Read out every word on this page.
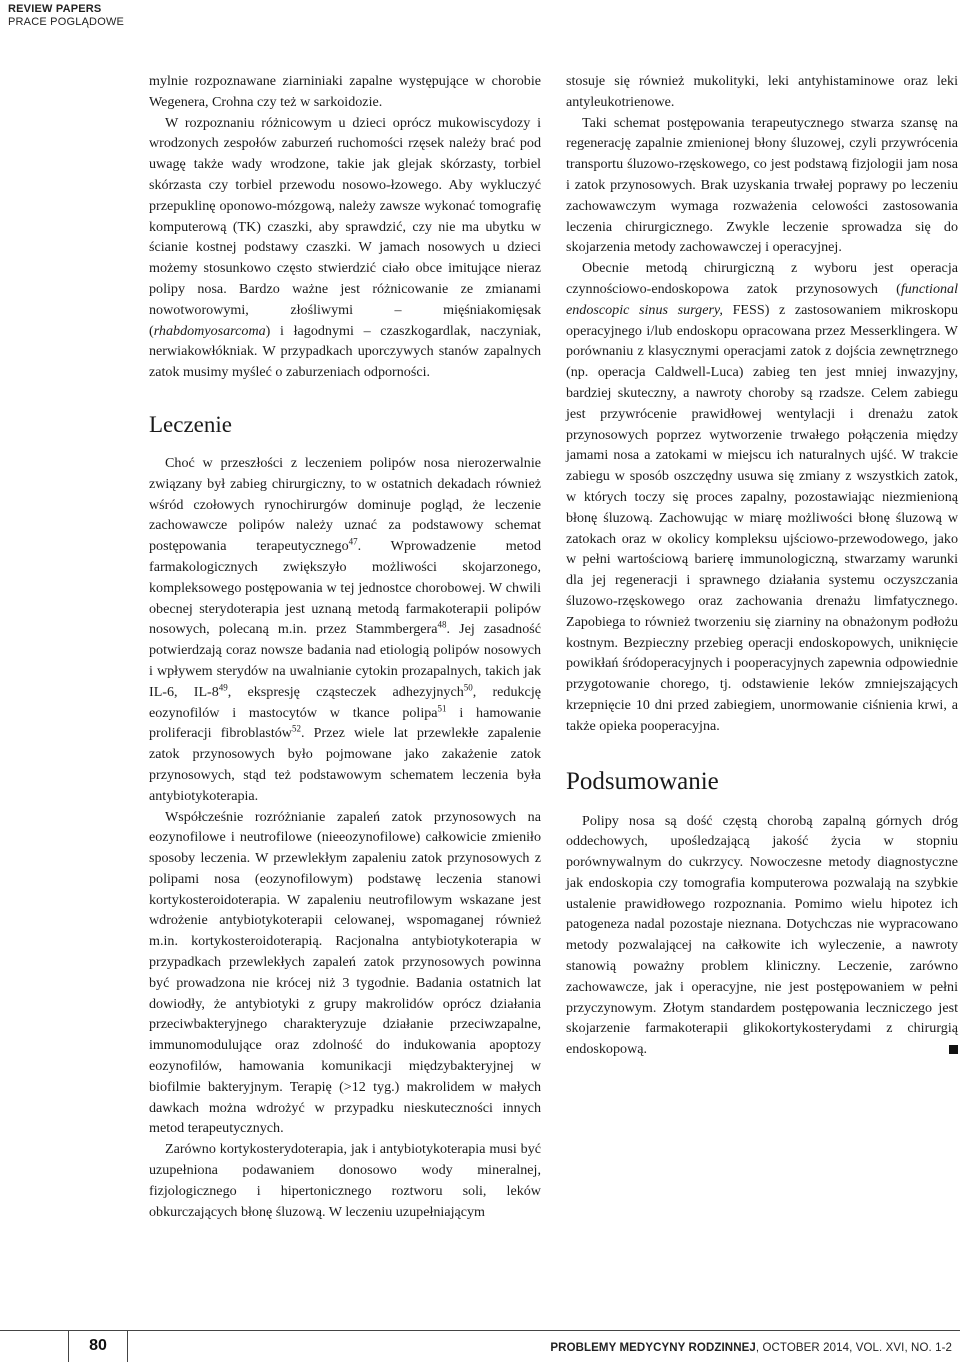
REVIEW PAPERS
PRACE POGLĄDOWE

mylnie rozpoznawane ziarniniaki zapalne występujące w chorobie Wegenera, Crohna czy też w sarkoidozie.

W rozpoznaniu różnicowym u dzieci oprócz mukowiscydozy i wrodzonych zespołów zaburzeń ruchomości rzęsek należy brać pod uwagę także wady wrodzone, takie jak glejak skórzasty, torbiel skórzasta czy torbiel przewodu nosowo-łzowego. Aby wykluczyć przepuklinę oponowo-mózgową, należy zawsze wykonać tomografię komputerową (TK) czaszki, aby sprawdzić, czy nie ma ubytku w ścianie kostnej podstawy czaszki. W jamach nosowych u dzieci możemy stosunkowo często stwierdzić ciało obce imitujące nieraz polipy nosa. Bardzo ważne jest różnicowanie ze zmianami nowotworowymi, złośliwymi – mięśniakomięsak (rhabdomyosarcoma) i łagodnymi – czaszkogardlak, naczyniak, nerwiakowłókniak. W przypadkach uporczywych stanów zapalnych zatok musimy myśleć o zaburzeniach odporności.

Leczenie

Choć w przeszłości z leczeniem polipów nosa nierozerwalnie związany był zabieg chirurgiczny, to w ostatnich dekadach również wśród czołowych rynochirurgów dominuje pogląd, że leczenie zachowawcze polipów należy uznać za podstawowy schemat postępowania terapeutycznego$^{47}$. Wprowadzenie metod farmakologicznych zwiększyło możliwości skojarzonego, kompleksowego postępowania w tej jednostce chorobowej. W chwili obecnej sterydoterapia jest uznaną metodą farmakoterapii polipów nosowych, polecaną m.in. przez Stammbergera$^{48}$. Jej zasadność potwierdzają coraz nowsze badania nad etiologią polipów nosowych i wpływem sterydów na uwalnianie cytokin prozapalnych, takich jak IL-6, $IL-8^{49}$, ekspresję cząsteczek adhezyjnych$^{50}$, redukcję eozynofilów i mastocytów w tkance polipa$^{51}$ i hamowanie proliferacji fibroblastów$^{52}$. Przez wiele lat przewlekłe zapalenie zatok przynosowych było pojmowane jako zakażenie zatok przynosowych, stąd też podstawowym schematem leczenia była antybiotykoterapia.

Współcześnie rozróżnianie zapaleń zatok przynosowych na eozynofilowe i neutrofilowe (nieeozynofilowe) całkowicie zmieniło sposoby leczenia. W przewlekłym zapaleniu zatok przynosowych z polipami nosa (eozynofilowym) podstawę leczenia stanowi kortykosteroidoterapia. W zapaleniu neutrofilowym wskazane jest wdrożenie antybiotykoterapii celowanej, wspomaganej również m.in. kortykosteroidoterapią. Racjonalna antybiotykoterapia w przypadkach przewlekłych zapaleń zatok przynosowych powinna być prowadzona nie krócej niż 3 tygodnie. Badania ostatnich lat dowiodły, że antybiotyki z grupy makrolidów oprócz działania przeciwbakteryjnego charakteryzuje działanie przeciwzapalne, immunomodulujące oraz zdolność do indukowania apoptozy eozynofilów, hamowania komunikacji międzybakteryjnej w biofilmie bakteryjnym. Terapię (>12 tyg.) makrolidem w małych dawkach można wdrożyć w przypadku nieskuteczności innych metod terapeutycznych.

Zarówno kortykosterydoterapia, jak i antybiotykoterapia musi być uzupełniona podawaniem donosowo wody mineralnej, fizjologicznego i hipertonicznego roztworu soli, leków obkurczających błonę śluzową. W leczeniu uzupełniającym

stosuje się również mukolityki, leki antyhistaminowe oraz leki antyleukotrienowe.

Taki schemat postępowania terapeutycznego stwarza szansę na regenerację zapalnie zmienionej błony śluzowej, czyli przywrócenia transportu śluzowo-rzęskowego, co jest podstawą fizjologii jam nosa i zatok przynosowych. Brak uzyskania trwałej poprawy po leczeniu zachowawczym wymaga rozważenia celowości zastosowania leczenia chirurgicznego. Zwykle leczenie sprowadza się do skojarzenia metody zachowawczej i operacyjnej.

Obecnie metodą chirurgiczną z wyboru jest operacja czynnościowo-endoskopowa zatok przynosowych (functional endoscopic sinus surgery, FESS) z zastosowaniem mikroskopu operacyjnego i/lub endoskopu opracowana przez Messerklingera. W porównaniu z klasycznymi operacjami zatok z dojścia zewnętrznego (np. operacja Caldwell-Luca) zabieg ten jest mniej inwazyjny, bardziej skuteczny, a nawroty choroby są rzadsze. Celem zabiegu jest przywrócenie prawidłowej wentylacji i drenażu zatok przynosowych poprzez wytworzenie trwałego połączenia między jamami nosa a zatokami w miejscu ich naturalnych ujść. W trakcie zabiegu w sposób oszczędny usuwa się zmiany z wszystkich zatok, w których toczy się proces zapalny, pozostawiając niezmienioną błonę śluzową. Zachowując w miarę możliwości błonę śluzową w zatokach oraz w okolicy kompleksu ujściowo-przewodowego, jako w pełni wartościową barierę immunologiczną, stwarzamy warunki dla jej regeneracji i sprawnego działania systemu oczyszczania śluzowo-rzęskowego oraz zachowania drenażu limfatycznego. Zapobiega to również tworzeniu się ziarniny na obnażonym podłożu kostnym. Bezpieczny przebieg operacji endoskopowych, uniknięcie powikłań śródoperacyjnych i pooperacyjnych zapewnia odpowiednie przygotowanie chorego, tj. odstawienie leków zmniejszających krzepnięcie 10 dni przed zabiegiem, unormowanie ciśnienia krwi, a także opieka pooperacyjna.

Podsumowanie

Polipy nosa są dość częstą chorobą zapalną górnych dróg oddechowych, upośledzającą jakość życia w stopniu porównywalnym do cukrzycy. Nowoczesne metody diagnostyczne jak endoskopia czy tomografia komputerowa pozwalają na szybkie ustalenie prawidłowego rozpoznania. Pomimo wielu hipotez ich patogeneza nadal pozostaje nieznana. Dotychczas nie wypracowano metody pozwalającej na całkowite ich wyleczenie, a nawroty stanowią poważny problem kliniczny. Leczenie, zarówno zachowawcze, jak i operacyjne, nie jest postępowaniem w pełni przyczynowym. Złotym standardem postępowania leczniczego jest skojarzenie farmakoterapii glikokortykosterydami z chirurgią endoskopową.

80	PROBLEMY MEDYCYNY RODZINNEJ, OCTOBER 2014, VOL. XVI, NO. 1-2
